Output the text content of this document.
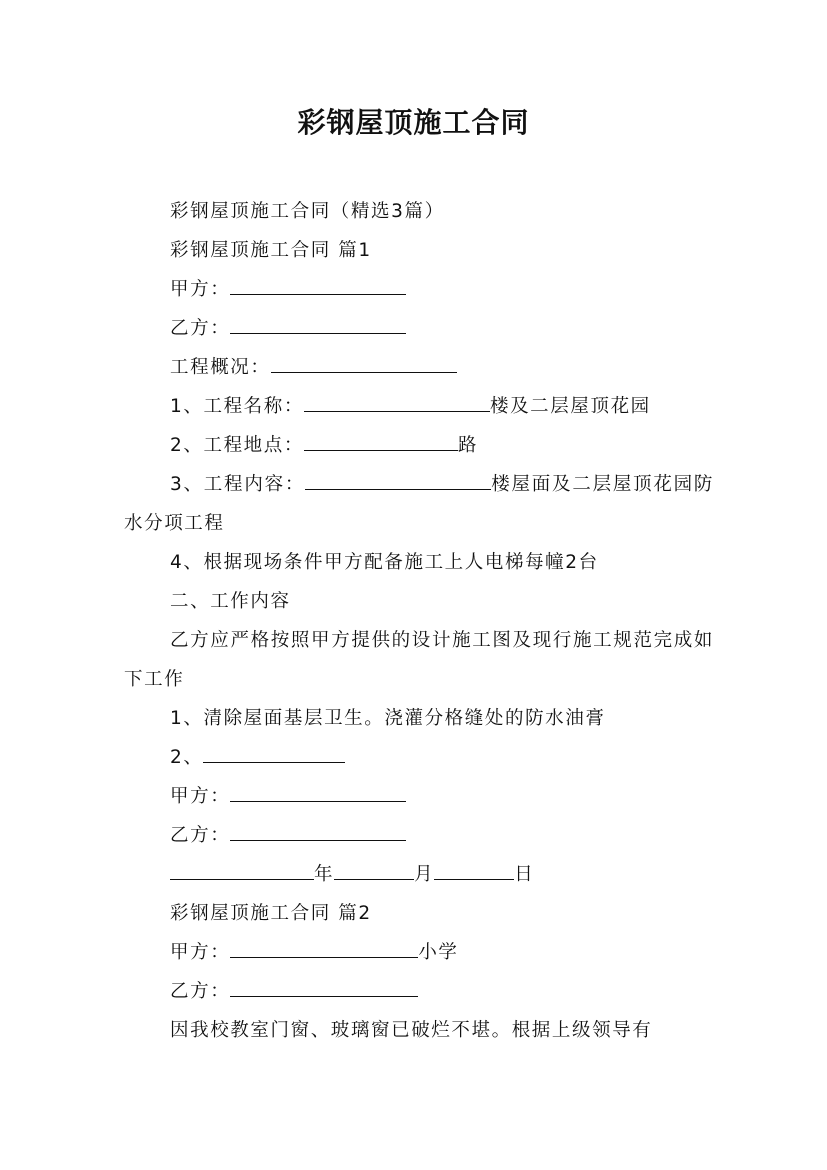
彩钢屋顶施工合同

彩钢屋顶施工合同（精选3篇）

彩钢屋顶施工合同 篇1

甲方：

乙方：

工程概况：

1、工程名称：	楼及二层屋顶花园

2、工程地点：	路

3、工程内容：	楼屋面及二层屋顶花园防水分项工程

4、根据现场条件甲方配备施工上人电梯每幢2台

二、工作内容

乙方应严格按照甲方提供的设计施工图及现行施工规范完成如下工作

1、清除屋面基层卫生。浇灌分格缝处的防水油膏

2、

甲方：

乙方：

年	月	日

彩钢屋顶施工合同 篇2

甲方：	小学

乙方：

因我校教室门窗、玻璃窗已破烂不堪。根据上级领导有
